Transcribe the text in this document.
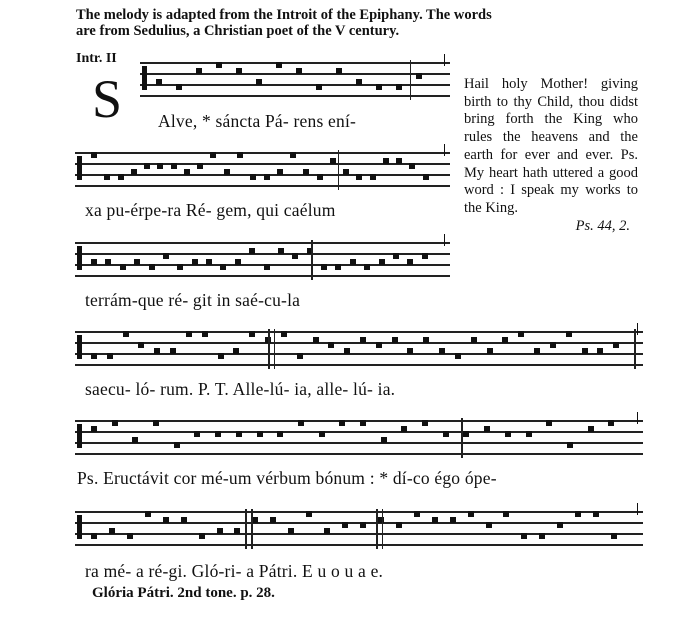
The melody is adapted from the Introit of the Epiphany. The words
are from Sedulius, a Christian poet of the V century.
Intr. II
S Alve, * sáncta Pá- rens ení-
xa pu-érpe-ra Ré- gem, qui caélum
terrám-que ré- git in saé-cu-la
saecu- ló- rum. P. T. Alle-lú- ia, alle- lú- ia.
Ps. Eructávit cor mé-um vérbum bónum : * dí-co égo ópe-
ra mé- a ré-gi. Gló-ri- a Pátri. E u o u a e.
Hail holy Mother! giving birth to thy Child, thou didst bring forth the King who rules the heavens and the earth for ever and ever. Ps. My heart hath uttered a good word : I speak my works to the King.
Ps. 44, 2.
Glória Pátri. 2nd tone. p. 28.
